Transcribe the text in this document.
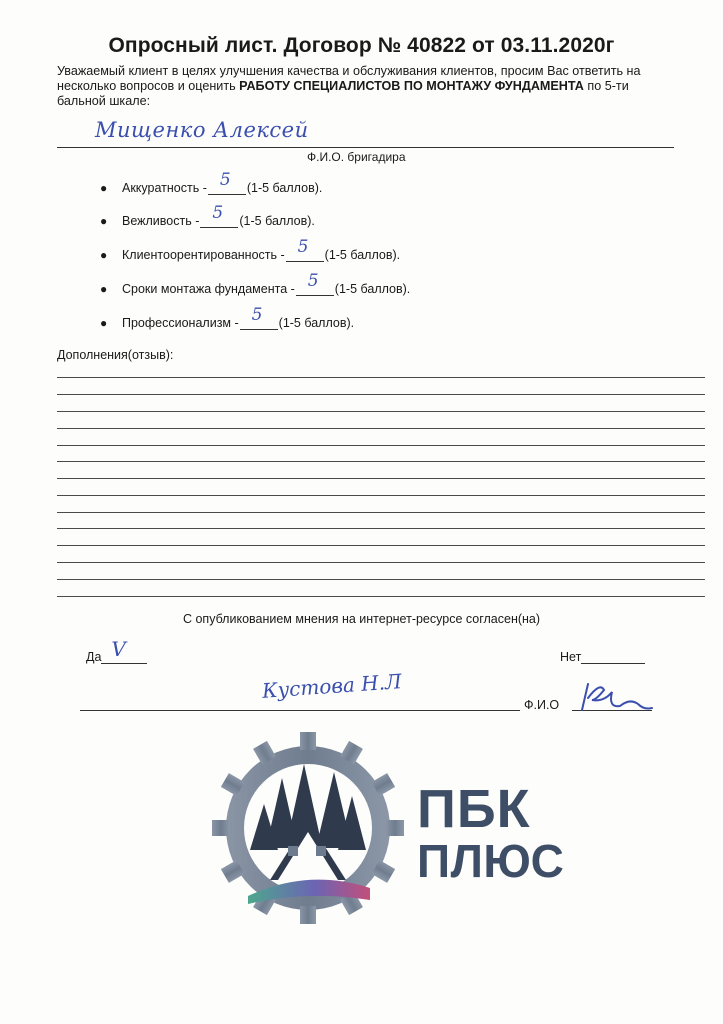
Опросный лист. Договор № 40822 от 03.11.2020г
Уважаемый клиент в целях улучшения качества и обслуживания клиентов, просим Вас ответить на несколько вопросов и оценить РАБОТУ СПЕЦИАЛИСТОВ ПО МОНТАЖУ ФУНДАМЕНТА по 5-ти бальной шкале:
Мищенко Алексей
Ф.И.О. бригадира
●	Аккуратность - 5 (1-5 баллов).
●	Вежливость - 5 (1-5 баллов).
●	Клиентоорентированность - 5 (1-5 баллов).
●	Сроки монтажа фундамента - 5 (1-5 баллов).
●	Профессионализм - 5 (1-5 баллов).
Дополнения(отзыв):
С опубликованием мнения на интернет-ресурсе согласен(на)
Да V	Нет
Кустова Н.Л
Ф.И.О
ПБК
ПЛЮС
